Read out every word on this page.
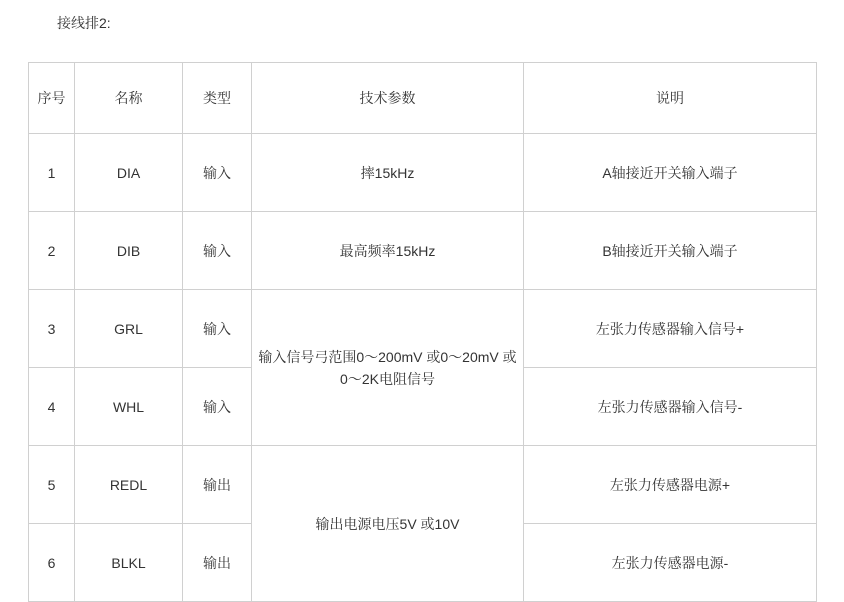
接线排2:
序号	名称	类型	技术参数	说明
1	DIA	输入	摔15kHz	A轴接近开关输入端子
2	DIB	输入	最高频率15kHz	B轴接近开关输入端子
3	GRL	输入	输入信号弓范围0〜200mV 或0〜20mV 或0〜2K电阻信号	左张力传感器输入信号+
4	WHL	输入		左张力传感器输入信号-
5	REDL	输出	输出电源电压5V 或10V	左张力传感器电源+
6	BLKL	输出		左张力传感器电源-
